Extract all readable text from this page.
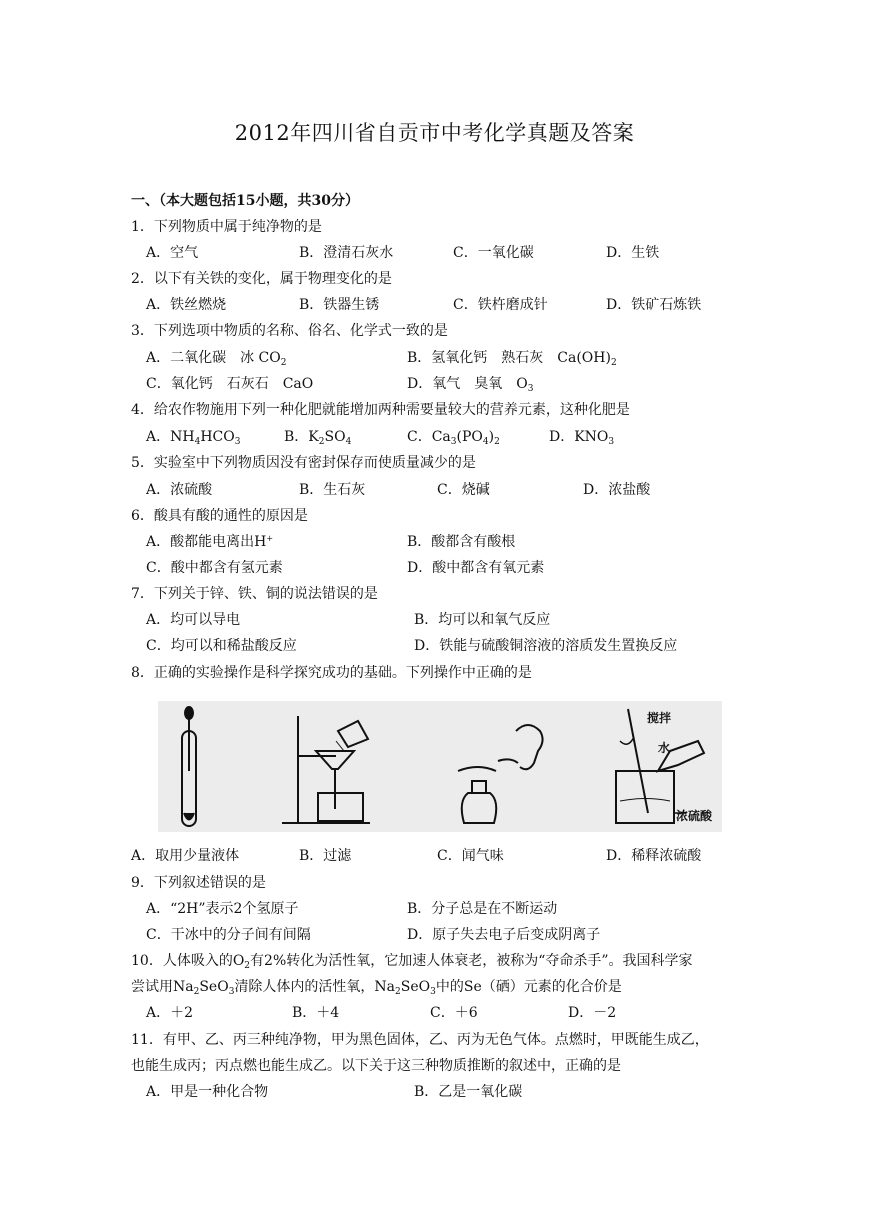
2012年四川省自贡市中考化学真题及答案
一、（本大题包括15小题，共30分）
1．下列物质中属于纯净物的是
A．空气	B．澄清石灰水	C．一氧化碳	D．生铁
2．以下有关铁的变化，属于物理变化的是
A．铁丝燃烧	B．铁器生锈	C．铁杵磨成针	D．铁矿石炼铁
3．下列选项中物质的名称、俗名、化学式一致的是
A．二氧化碳　冰 $CO_2$	B．氢氧化钙　熟石灰　$Ca(OH)_2$
C．氧化钙　石灰石　CaO	D．氧气　臭氧　$O_3$
4．给农作物施用下列一种化肥就能增加两种需要量较大的营养元素，这种化肥是
A．$NH_4HCO_3$	B．$K_2SO_4$	C．$Ca_3(PO_4)_2$	D．$KNO_3$
5．实验室中下列物质因没有密封保存而使质量减少的是
A．浓硫酸	B．生石灰	C．烧碱	D．浓盐酸
6．酸具有酸的通性的原因是
A．酸都能电离出H+	B．酸都含有酸根
C．酸中都含有氢元素	D．酸中都含有氧元素
7．下列关于锌、铁、铜的说法错误的是
A．均可以导电	B．均可以和氧气反应
C．均可以和稀盐酸反应	D．铁能与硫酸铜溶液的溶质发生置换反应
8．正确的实验操作是科学探究成功的基础。下列操作中正确的是
搅拌
水
浓硫酸
A．取用少量液体	B．过滤	C．闻气味	D．稀释浓硫酸
9．下列叙述错误的是
A．“2H”表示2个氢原子	B．分子总是在不断运动
C．干冰中的分子间有间隔	D．原子失去电子后变成阴离子
10．人体吸入的$O_2$有2%转化为活性氧，它加速人体衰老，被称为“夺命杀手”。我国科学家
尝试用$Na_2SeO_3$清除人体内的活性氧，$Na_2SeO_3$中的Se（硒）元素的化合价是
A．＋2	B．＋4	C．＋6	D．－2
11．有甲、乙、丙三种纯净物，甲为黑色固体，乙、丙为无色气体。点燃时，甲既能生成乙，
也能生成丙；丙点燃也能生成乙。以下关于这三种物质推断的叙述中，正确的是
A．甲是一种化合物	B．乙是一氧化碳
